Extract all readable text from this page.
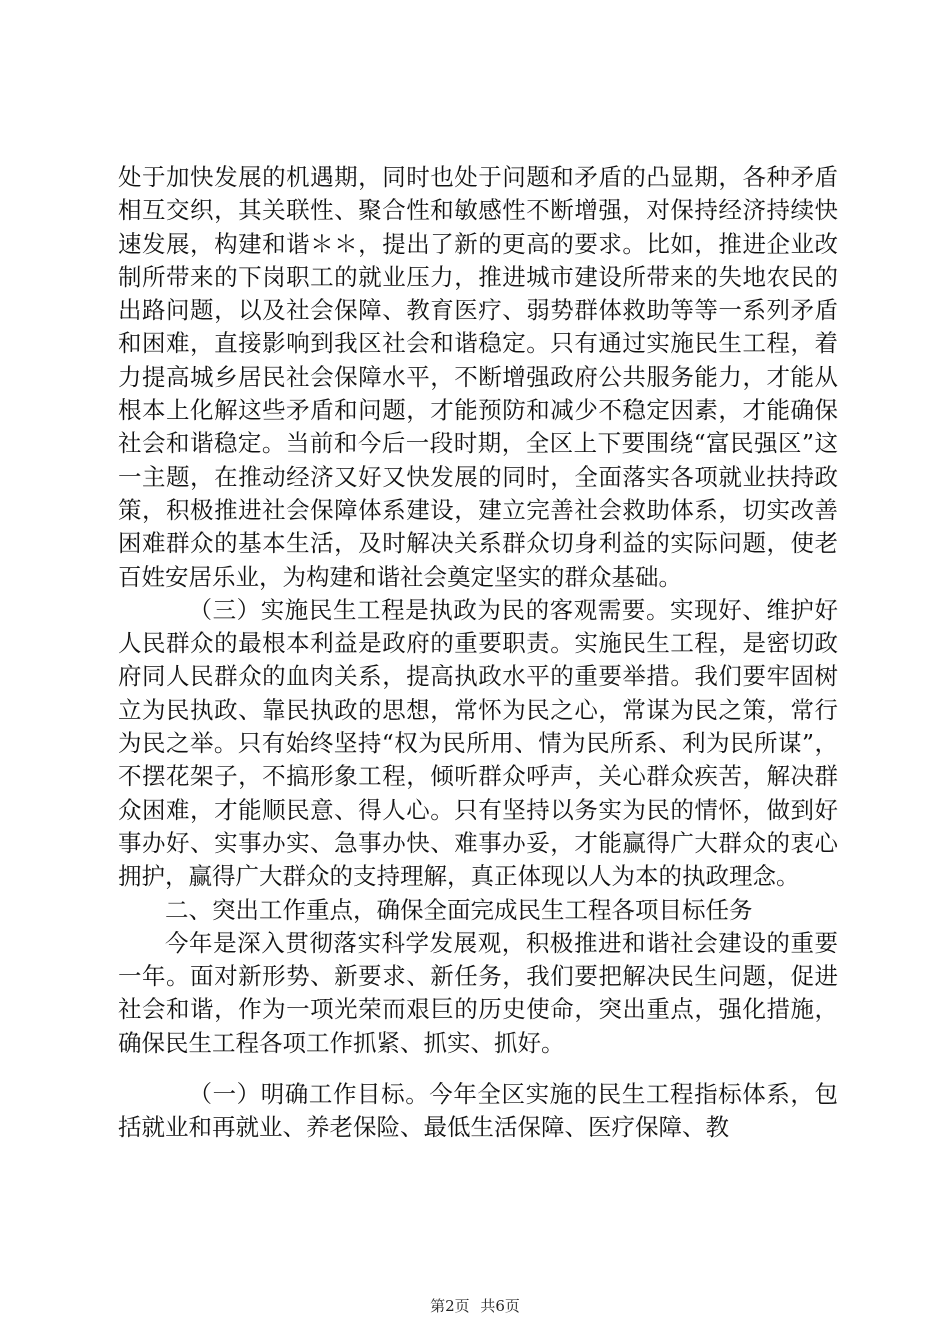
处于加快发展的机遇期，同时也处于问题和矛盾的凸显期，各种矛盾相互交织，其关联性、聚合性和敏感性不断增强，对保持经济持续快速发展，构建和谐＊＊，提出了新的更高的要求。比如，推进企业改制所带来的下岗职工的就业压力，推进城市建设所带来的失地农民的出路问题，以及社会保障、教育医疗、弱势群体救助等等一系列矛盾和困难，直接影响到我区社会和谐稳定。只有通过实施民生工程，着力提高城乡居民社会保障水平，不断增强政府公共服务能力，才能从根本上化解这些矛盾和问题，才能预防和减少不稳定因素，才能确保社会和谐稳定。当前和今后一段时期，全区上下要围绕“富民强区”这一主题，在推动经济又好又快发展的同时，全面落实各项就业扶持政策，积极推进社会保障体系建设，建立完善社会救助体系，切实改善困难群众的基本生活，及时解决关系群众切身利益的实际问题，使老百姓安居乐业，为构建和谐社会奠定坚实的群众基础。

（三）实施民生工程是执政为民的客观需要。实现好、维护好人民群众的最根本利益是政府的重要职责。实施民生工程，是密切政府同人民群众的血肉关系，提高执政水平的重要举措。我们要牢固树立为民执政、靠民执政的思想，常怀为民之心，常谋为民之策，常行为民之举。只有始终坚持“权为民所用、情为民所系、利为民所谋”，不摆花架子，不搞形象工程，倾听群众呼声，关心群众疾苦，解决群众困难，才能顺民意、得人心。只有坚持以务实为民的情怀，做到好事办好、实事办实、急事办快、难事办妥，才能赢得广大群众的衷心拥护，赢得广大群众的支持理解，真正体现以人为本的执政理念。

二、突出工作重点，确保全面完成民生工程各项目标任务

今年是深入贯彻落实科学发展观，积极推进和谐社会建设的重要一年。面对新形势、新要求、新任务，我们要把解决民生问题，促进社会和谐，作为一项光荣而艰巨的历史使命，突出重点，强化措施，确保民生工程各项工作抓紧、抓实、抓好。

（一）明确工作目标。今年全区实施的民生工程指标体系，包括就业和再就业、养老保险、最低生活保障、医疗保障、教

第2页 共6页
